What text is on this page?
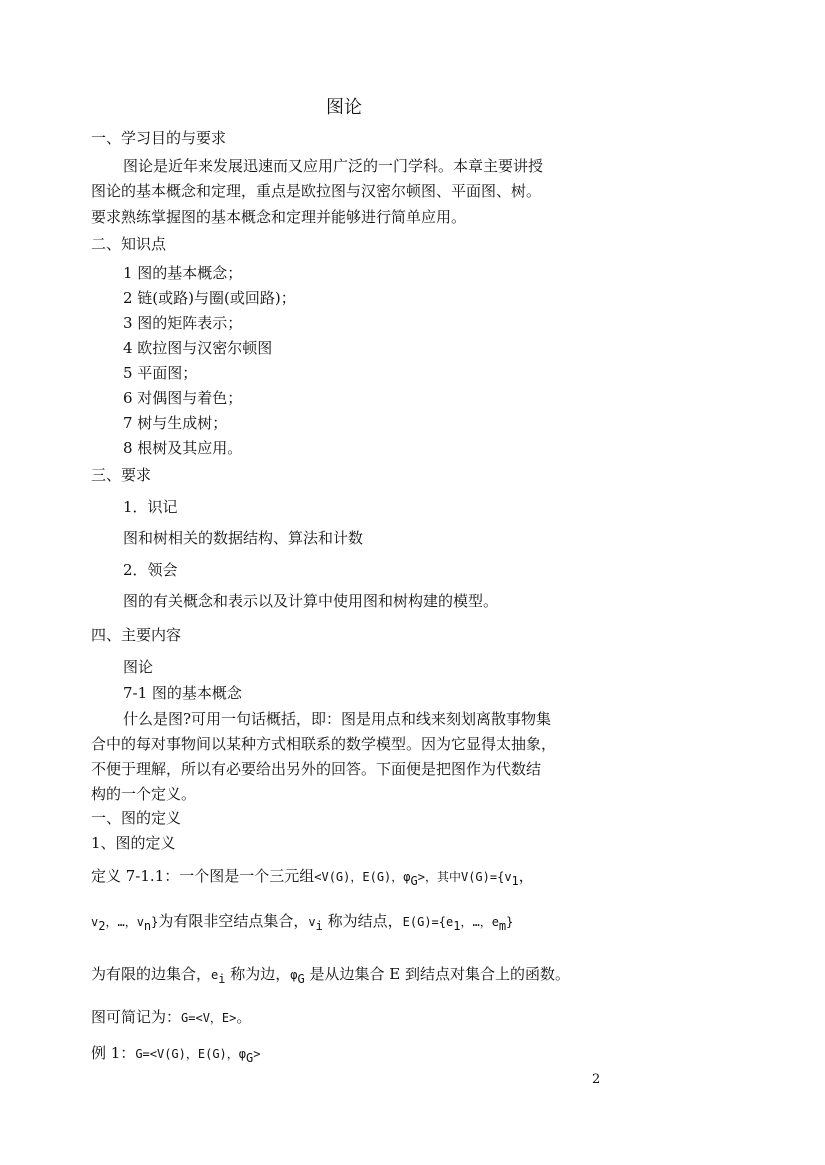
图论
一、学习目的与要求
图论是近年来发展迅速而又应用广泛的一门学科。本章主要讲授
图论的基本概念和定理，重点是欧拉图与汉密尔顿图、平面图、树。
要求熟练掌握图的基本概念和定理并能够进行简单应用。
二、知识点
1 图的基本概念；
2 链(或路)与圈(或回路)；
3 图的矩阵表示；
4 欧拉图与汉密尔顿图
5 平面图；
6 对偶图与着色；
7 树与生成树；
8 根树及其应用。
三、要求
1．识记
图和树相关的数据结构、算法和计数
2．领会
图的有关概念和表示以及计算中使用图和树构建的模型。
四、主要内容
图论
7-1 图的基本概念
什么是图?可用一句话概括，即：图是用点和线来刻划离散事物集
合中的每对事物间以某种方式相联系的数学模型。因为它显得太抽象，
不便于理解，所以有必要给出另外的回答。下面便是把图作为代数结
构的一个定义。
一、图的定义
1、图的定义
定义 7-1.1：一个图是一个三元组<V(G)，E(G)，$\varphi_G>$，其中$V(G)=\{v_1$，
$v_2$，…，$v_n$}为有限非空结点集合，$v_i$ 称为结点，$E(G)=\{e_1$，…，$e_m$}
为有限的边集合，$e_i$ 称为边，$\varphi_G$ 是从边集合 E 到结点对集合上的函数。
图可简记为：G=<V，E>。
例 1：G=<V(G)，E(G)，$\varphi_G>$
2
